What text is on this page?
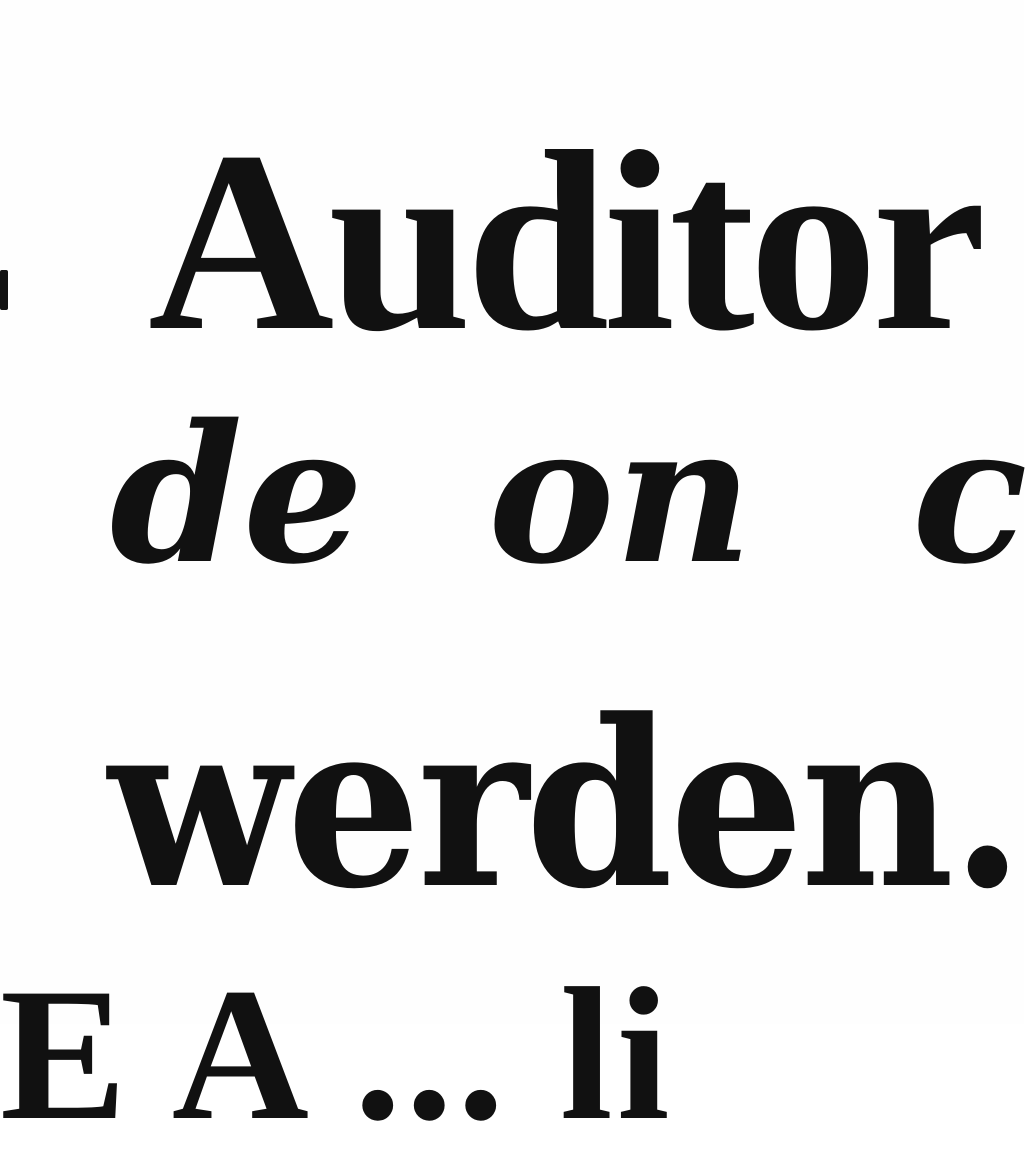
Auditor
de on c
werden.
E A ... li
